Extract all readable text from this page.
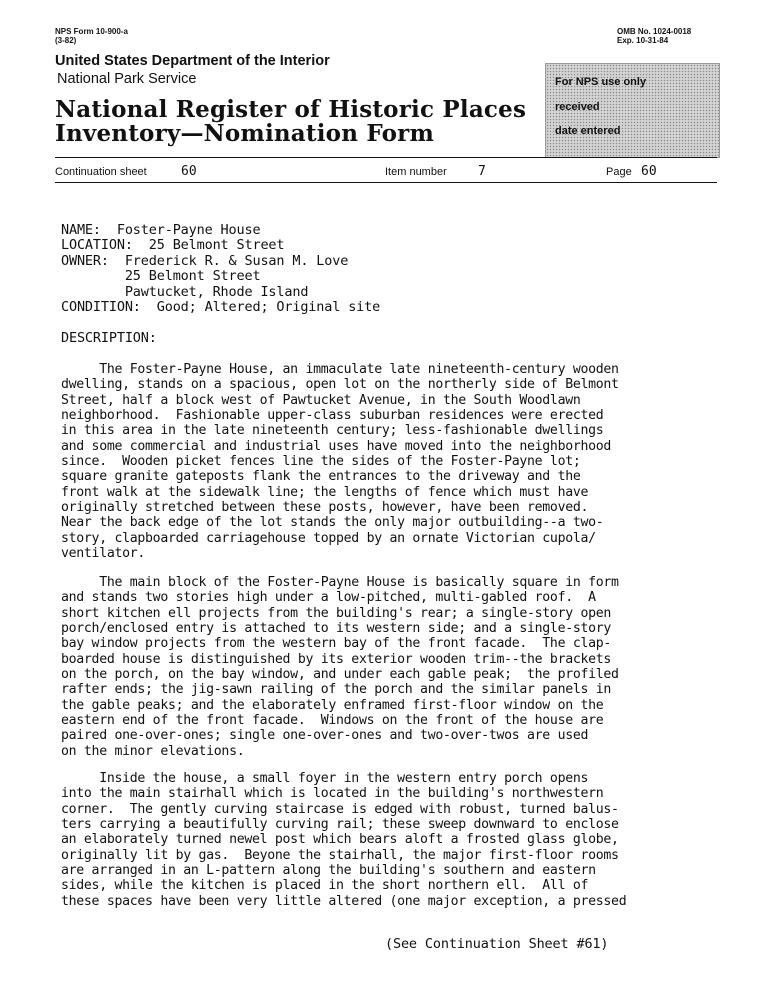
NPS Form 10-900-a
(3-82)
OMB No. 1024-0018
Exp. 10-31-84
United States Department of the Interior
National Park Service
National Register of Historic Places
Inventory—Nomination Form
For NPS use only
received
date entered
Continuation sheet	60	Item number 7	Page 60
NAME:  Foster-Payne House
LOCATION:  25 Belmont Street
OWNER:  Frederick R. & Susan M. Love
25 Belmont Street
Pawtucket, Rhode Island
CONDITION:  Good; Altered; Original site
DESCRIPTION:
The Foster-Payne House, an immaculate late nineteenth-century wooden
dwelling, stands on a spacious, open lot on the northerly side of Belmont
Street, half a block west of Pawtucket Avenue, in the South Woodlawn
neighborhood.  Fashionable upper-class suburban residences were erected
in this area in the late nineteenth century; less-fashionable dwellings
and some commercial and industrial uses have moved into the neighborhood
since.  Wooden picket fences line the sides of the Foster-Payne lot;
square granite gateposts flank the entrances to the driveway and the
front walk at the sidewalk line; the lengths of fence which must have
originally stretched between these posts, however, have been removed.
Near the back edge of the lot stands the only major outbuilding--a two-
story, clapboarded carriagehouse topped by an ornate Victorian cupola/
ventilator.
The main block of the Foster-Payne House is basically square in form
and stands two stories high under a low-pitched, multi-gabled roof.  A
short kitchen ell projects from the building's rear; a single-story open
porch/enclosed entry is attached to its western side; and a single-story
bay window projects from the western bay of the front facade.  The clap-
boarded house is distinguished by its exterior wooden trim--the brackets
on the porch, on the bay window, and under each gable peak;  the profiled
rafter ends; the jig-sawn railing of the porch and the similar panels in
the gable peaks; and the elaborately enframed first-floor window on the
eastern end of the front facade.  Windows on the front of the house are
paired one-over-ones; single one-over-ones and two-over-twos are used
on the minor elevations.
Inside the house, a small foyer in the western entry porch opens
into the main stairhall which is located in the building's northwestern
corner.  The gently curving staircase is edged with robust, turned balus-
ters carrying a beautifully curving rail; these sweep downward to enclose
an elaborately turned newel post which bears aloft a frosted glass globe,
originally lit by gas.  Beyone the stairhall, the major first-floor rooms
are arranged in an L-pattern along the building's southern and eastern
sides, while the kitchen is placed in the short northern ell.  All of
these spaces have been very little altered (one major exception, a pressed
(See Continuation Sheet #61)
